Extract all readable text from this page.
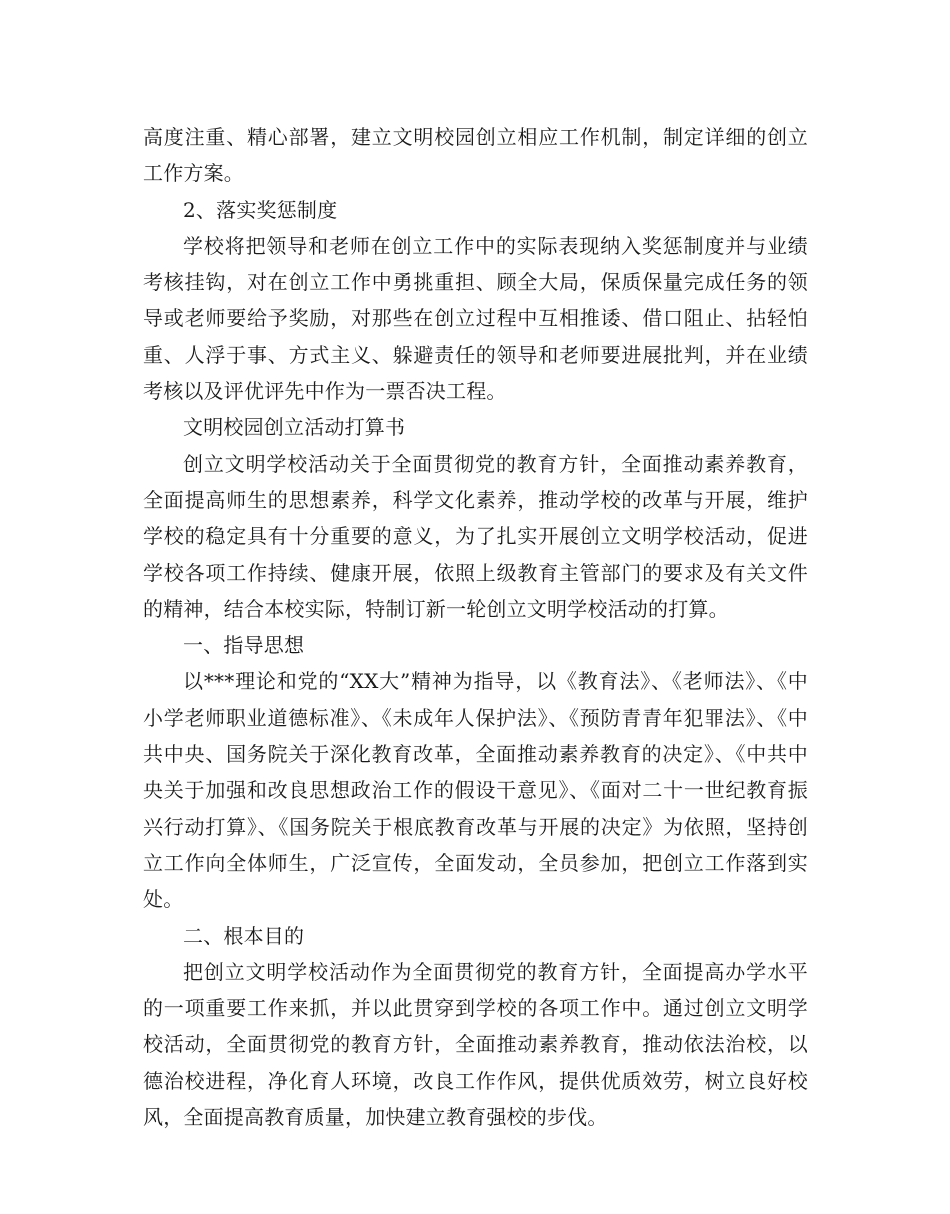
高度注重、精心部署，建立文明校园创立相应工作机制，制定详细的创立工作方案。

2、落实奖惩制度

学校将把领导和老师在创立工作中的实际表现纳入奖惩制度并与业绩考核挂钩，对在创立工作中勇挑重担、顾全大局，保质保量完成任务的领导或老师要给予奖励，对那些在创立过程中互相推诿、借口阻止、拈轻怕重、人浮于事、方式主义、躲避责任的领导和老师要进展批判，并在业绩考核以及评优评先中作为一票否决工程。

文明校园创立活动打算书

创立文明学校活动关于全面贯彻党的教育方针，全面推动素养教育，全面提高师生的思想素养，科学文化素养，推动学校的改革与开展，维护学校的稳定具有十分重要的意义，为了扎实开展创立文明学校活动，促进学校各项工作持续、健康开展，依照上级教育主管部门的要求及有关文件的精神，结合本校实际，特制订新一轮创立文明学校活动的打算。

一、指导思想

以***理论和党的“XX大”精神为指导，以《教育法》、《老师法》、《中小学老师职业道德标准》、《未成年人保护法》、《预防青青年犯罪法》、《中共中央、国务院关于深化教育改革，全面推动素养教育的决定》、《中共中央关于加强和改良思想政治工作的假设干意见》、《面对二十一世纪教育振兴行动打算》、《国务院关于根底教育改革与开展的决定》为依照，坚持创立工作向全体师生，广泛宣传，全面发动，全员参加，把创立工作落到实处。

二、根本目的

把创立文明学校活动作为全面贯彻党的教育方针，全面提高办学水平的一项重要工作来抓，并以此贯穿到学校的各项工作中。通过创立文明学校活动，全面贯彻党的教育方针，全面推动素养教育，推动依法治校，以德治校进程，净化育人环境，改良工作作风，提供优质效劳，树立良好校风，全面提高教育质量，加快建立教育强校的步伐。
